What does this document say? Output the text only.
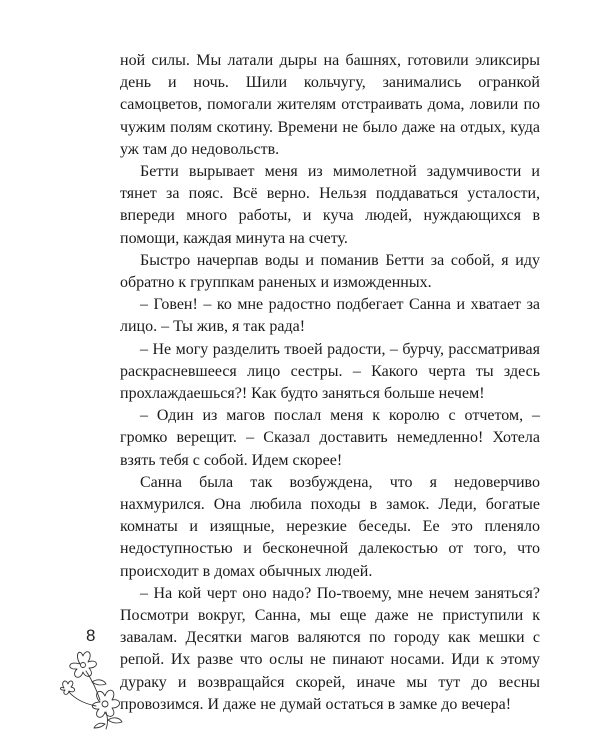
ной силы. Мы латали дыры на башнях, готовили эликсиры день и ночь. Шили кольчугу, занимались огранкой самоцветов, помогали жителям отстраивать дома, ловили по чужим полям скотину. Времени не было даже на отдых, куда уж там до недовольств.

Бетти вырывает меня из мимолетной задумчивости и тянет за пояс. Всё верно. Нельзя поддаваться усталости, впереди много работы, и куча людей, нуждающихся в помощи, каждая минута на счету.

Быстро начерпав воды и поманив Бетти за собой, я иду обратно к группкам раненых и изможденных.

– Говен! – ко мне радостно подбегает Санна и хватает за лицо. – Ты жив, я так рада!

– Не могу разделить твоей радости, – бурчу, рассматривая раскрасневшееся лицо сестры. – Какого черта ты здесь прохлаждаешься?! Как будто заняться больше нечем!

– Один из магов послал меня к королю с отчетом, – громко верещит. – Сказал доставить немедленно! Хотела взять тебя с собой. Идем скорее!

Санна была так возбуждена, что я недоверчиво нахмурился. Она любила походы в замок. Леди, богатые комнаты и изящные, нерезкие беседы. Ее это пленяло недоступностью и бесконечной далекостью от того, что происходит в домах обычных людей.

– На кой черт оно надо? По-твоему, мне нечем заняться? Посмотри вокруг, Санна, мы еще даже не приступили к завалам. Десятки магов валяются по городу как мешки с репой. Их разве что ослы не пинают носами. Иди к этому дураку и возвращайся скорей, иначе мы тут до весны провозимся. И даже не думай остаться в замке до вечера!

8
